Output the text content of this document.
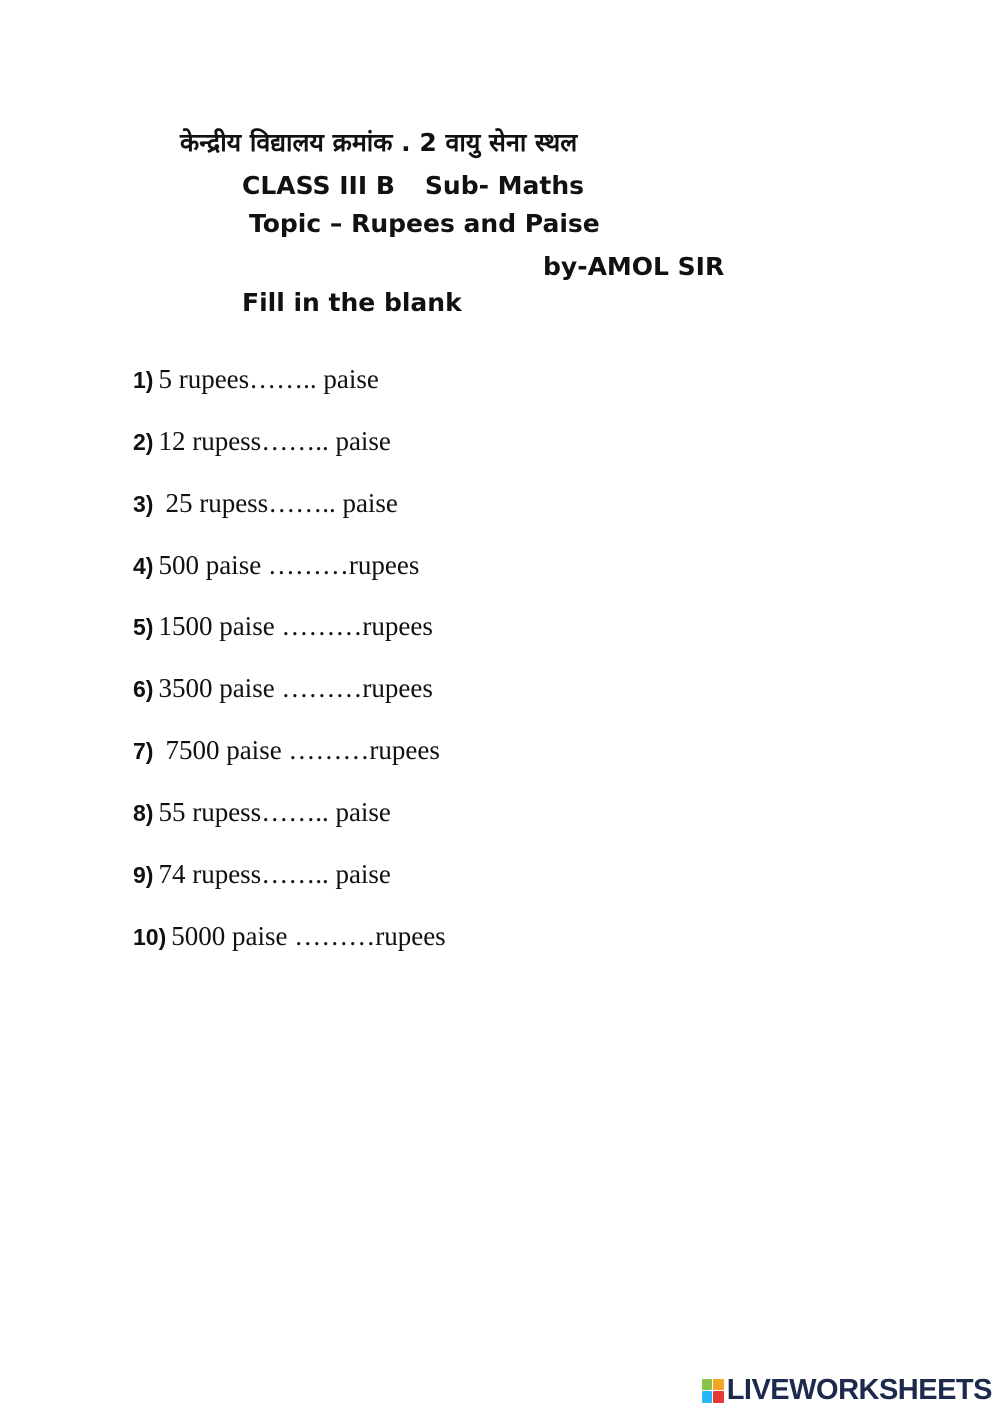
केन्द्रीय विद्यालय क्रमांक . 2 वायु सेना स्थल
CLASS III B Sub- Maths
Topic – Rupees and Paise
by-AMOL SIR
Fill in the blank
1) 5 rupees…….. paise
2) 12 rupess…….. paise
3) 25 rupess…….. paise
4) 500 paise ………rupees
5) 1500 paise ………rupees
6) 3500 paise ………rupees
7) 7500 paise ………rupees
8) 55 rupess…….. paise
9) 74 rupess…….. paise
10) 5000 paise ………rupees
LIVEWORKSHEETS
